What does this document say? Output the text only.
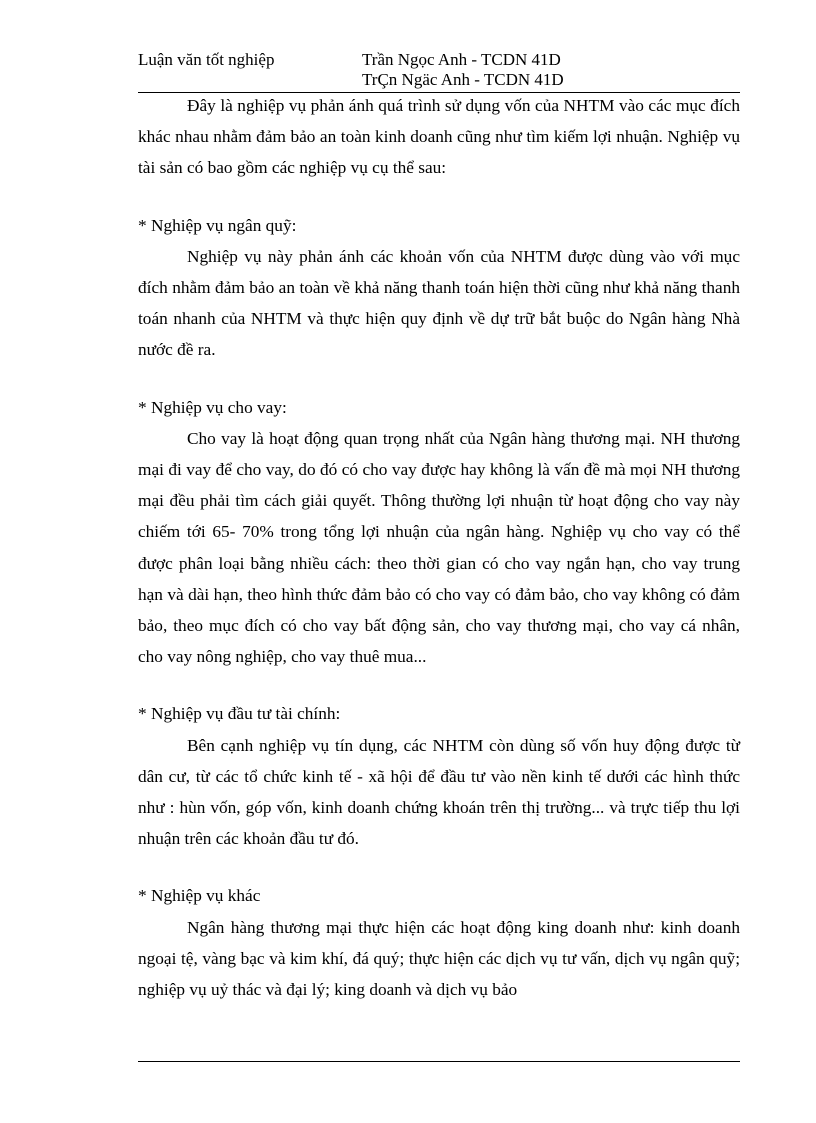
Luận văn tốt nghiệp	Trần Ngọc Anh - TCDN 41D
TrÇn Ngäc Anh - TCDN 41D

Đây là nghiệp vụ phản ánh quá trình sử dụng vốn của NHTM vào các mục đích khác nhau nhằm đảm bảo an toàn kinh doanh cũng như tìm kiếm lợi nhuận. Nghiệp vụ tài sản có bao gồm các nghiệp vụ cụ thể sau:

* Nghiệp vụ ngân quỹ:

Nghiệp vụ này phản ánh các khoản vốn của NHTM được dùng vào với mục đích nhằm đảm bảo an toàn về khả năng thanh toán hiện thời cũng như khả năng thanh toán nhanh của NHTM và thực hiện quy định về dự trữ bắt buộc do Ngân hàng Nhà nước đề ra.

* Nghiệp vụ cho vay:

Cho vay là hoạt động quan trọng nhất của Ngân hàng thương mại. NH thương mại đi vay để cho vay, do đó có cho vay được hay không là vấn đề mà mọi NH thương mại đều phải tìm cách giải quyết. Thông thường lợi nhuận từ hoạt động cho vay này chiếm tới 65- 70% trong tổng lợi nhuận của ngân hàng. Nghiệp vụ cho vay có thể được phân loại bằng nhiều cách: theo thời gian có cho vay ngắn hạn, cho vay trung hạn và dài hạn, theo hình thức đảm bảo có cho vay có đảm bảo, cho vay không có đảm bảo, theo mục đích có cho vay bất động sản, cho vay thương mại, cho vay cá nhân, cho vay nông nghiệp, cho vay thuê mua...

* Nghiệp vụ đầu tư tài chính:

Bên cạnh nghiệp vụ tín dụng, các NHTM còn dùng số vốn huy động được từ dân cư, từ các tổ chức kinh tế - xã hội để đầu tư vào nền kinh tế dưới các hình thức như : hùn vốn, góp vốn, kinh doanh chứng khoán trên thị trường... và trực tiếp thu lợi nhuận trên các khoản đầu tư đó.

* Nghiệp vụ khác

Ngân hàng thương mại thực hiện các hoạt động king doanh như: kinh doanh ngoại tệ, vàng bạc và kim khí, đá quý; thực hiện các dịch vụ tư vấn, dịch vụ ngân quỹ; nghiệp vụ uỷ thác và đại lý; king doanh và dịch vụ bảo
